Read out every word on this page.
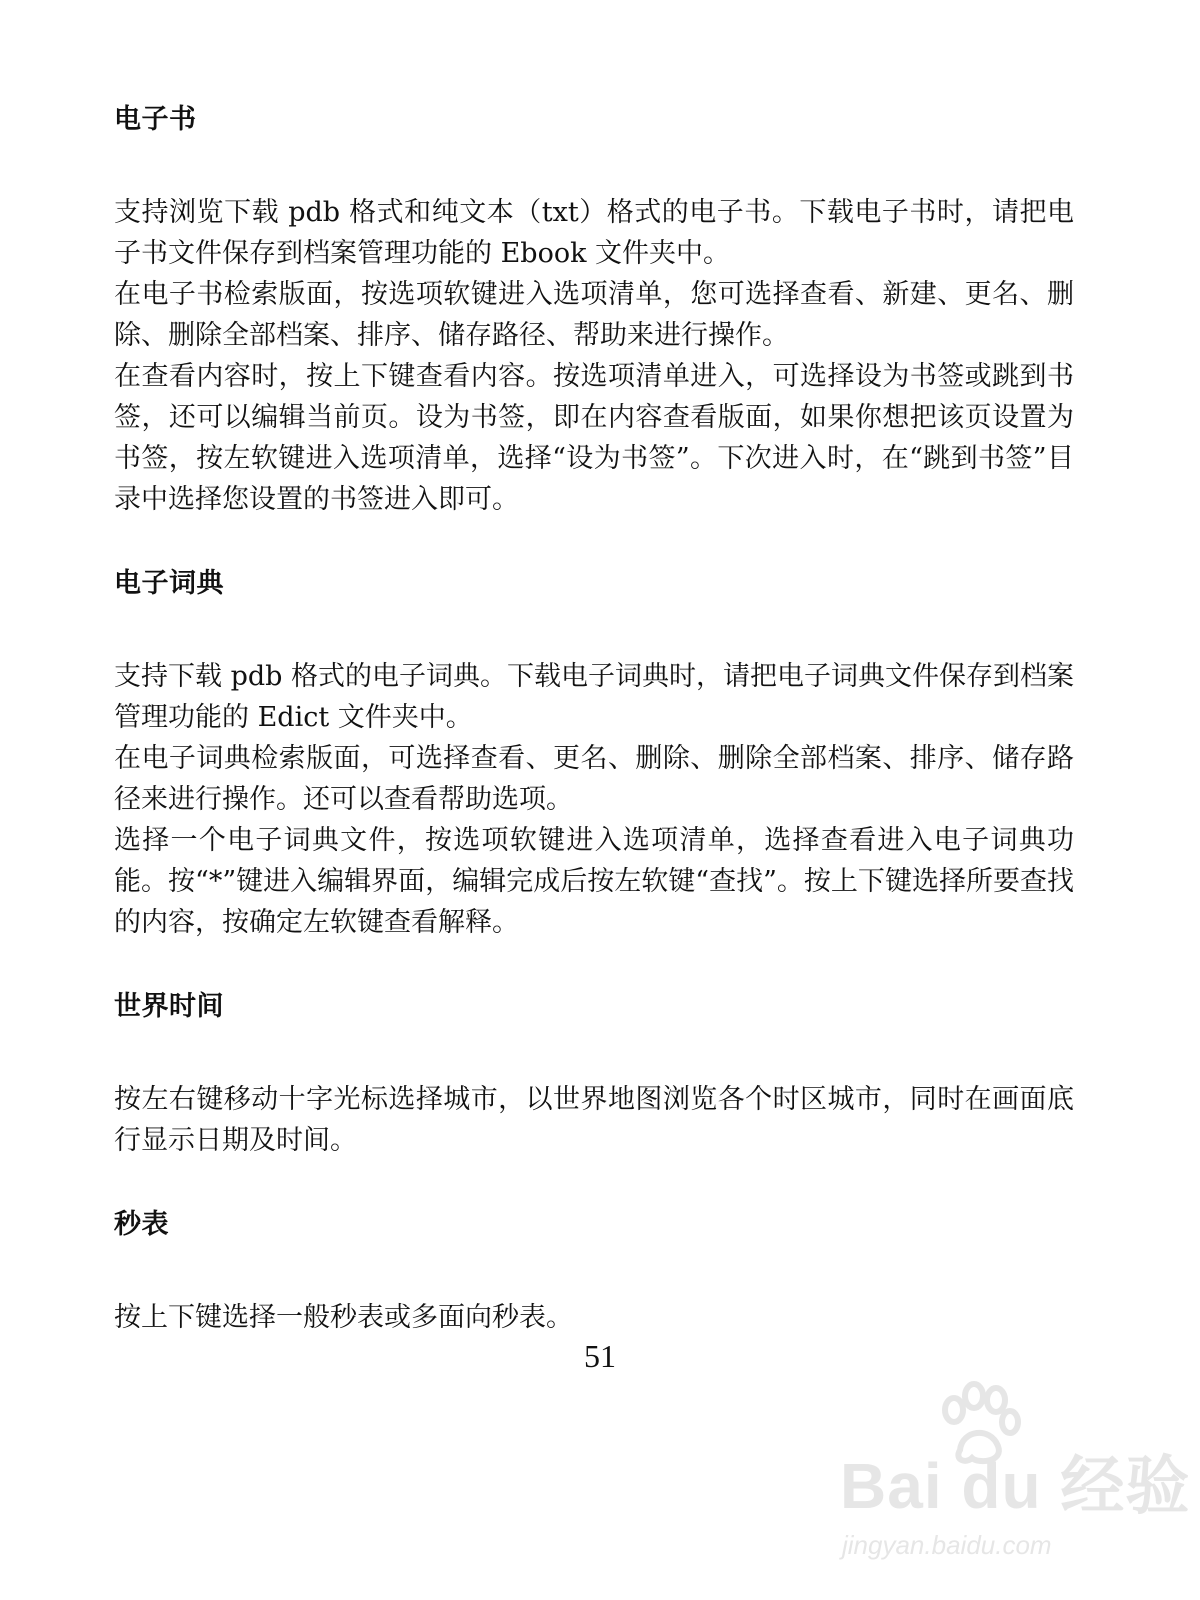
电子书

支持浏览下载 pdb 格式和纯文本（txt）格式的电子书。下载电子书时，请把电子书文件保存到档案管理功能的 Ebook 文件夹中。

在电子书检索版面，按选项软键进入选项清单，您可选择查看、新建、更名、删除、删除全部档案、排序、储存路径、帮助来进行操作。

在查看内容时，按上下键查看内容。按选项清单进入，可选择设为书签或跳到书签，还可以编辑当前页。设为书签，即在内容查看版面，如果你想把该页设置为书签，按左软键进入选项清单，选择“设为书签”。下次进入时，在“跳到书签”目录中选择您设置的书签进入即可。

电子词典

支持下载 pdb 格式的电子词典。下载电子词典时，请把电子词典文件保存到档案管理功能的 Edict 文件夹中。

在电子词典检索版面，可选择查看、更名、删除、删除全部档案、排序、储存路径来进行操作。还可以查看帮助选项。

选择一个电子词典文件，按选项软键进入选项清单，选择查看进入电子词典功能。按“*”键进入编辑界面，编辑完成后按左软键“查找”。按上下键选择所要查找的内容，按确定左软键查看解释。

世界时间

按左右键移动十字光标选择城市，以世界地图浏览各个时区城市，同时在画面底行显示日期及时间。

秒表

按上下键选择一般秒表或多面向秒表。

51
Bai du 经验
jingyan.baidu.com
